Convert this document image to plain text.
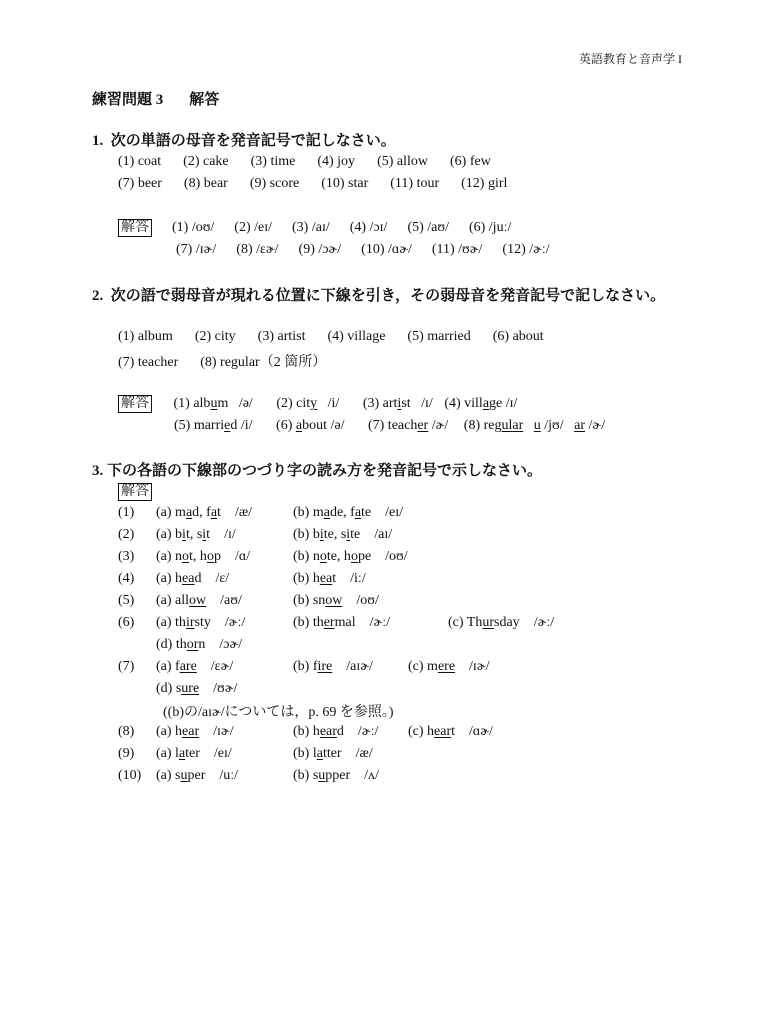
英語教育と音声学 I
練習問題 3 解答
1. 次の単語の母音を発音記号で記しなさい。
(1) coat (2) cake (3) time (4) joy (5) allow (6) few
(7) beer (8) bear (9) score (10) star (11) tour (12) girl
解答 (1) /oʊ/ (2) /eɪ/ (3) /aɪ/ (4) /ɔɪ/ (5) /aʊ/ (6) /juː/
(7) /ɪɚ/ (8) /ɛɚ/ (9) /ɔɚ/ (10) /ɑɚ/ (11) /ʊɚ/ (12) /ɚː/
2. 次の語で弱母音が現れる位置に下線を引き，その弱母音を発音記号で記しなさい。
(1) album (2) city (3) artist (4) village (5) married (6) about
(7) teacher (8) regular（2 箇所）
解答 (1) album /ə/ (2) city /i/ (3) artist /ɪ/ (4) village /ɪ/
(5) married /i/ (6) about /ə/ (7) teacher /ɚ/ (8) regular u /jʊ/ ar /ɚ/
3. 下の各語の下線部のつづり字の読み方を発音記号で示しなさい。
解答
(1) (a) mad, fat /æ/	(b) made, fate /eɪ/
(2) (a) bit, sit /ɪ/	(b) bite, site /aɪ/
(3) (a) not, hop /ɑ/	(b) note, hope /oʊ/
(4) (a) head /ɛ/	(b) heat /iː/
(5) (a) allow /aʊ/	(b) snow /oʊ/
(6) (a) thirsty /ɚː/	(b) thermal /ɚː/	(c) Thursday /ɚː/
(d) thorn /ɔɚ/
(7) (a) fare /ɛɚ/	(b) fire /aɪɚ/	(c) mere /ɪɚ/
(d) sure /ʊɚ/
(8) (a) hear /ɪɚ/	(b) heard /ɚː/ (c) heart /ɑɚ/
(9) (a) later /eɪ/	(b) latter /æ/
(10) (a) super /uː/	(b) supper /ʌ/
((b)の/aɪɚ/については，p. 69 を参照。)
